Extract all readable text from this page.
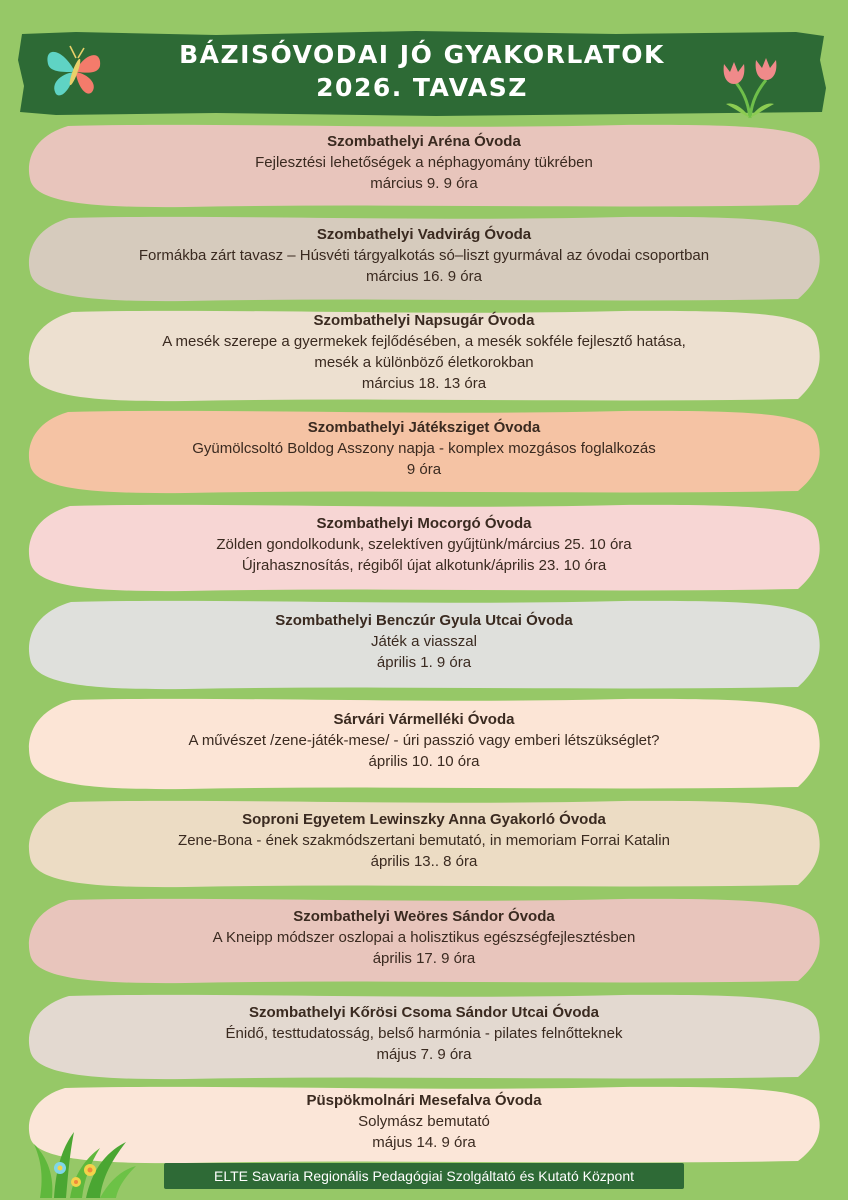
BÁZISÓVODAI JÓ GYAKORLATOK
2026. TAVASZ
Szombathelyi Aréna Óvoda
Fejlesztési lehetőségek a néphagyomány tükrében
március 9. 9 óra
Szombathelyi Vadvirág Óvoda
Formákba zárt tavasz – Húsvéti tárgyalkotás só–liszt gyurmával az óvodai csoportban
március 16. 9 óra
Szombathelyi Napsugár Óvoda
A mesék szerepe a gyermekek fejlődésében, a mesék sokféle fejlesztő hatása,
mesék a különböző életkorokban
március 18. 13 óra
Szombathelyi Játéksziget Óvoda
Gyümölcsoltó Boldog Asszony napja - komplex mozgásos foglalkozás
9 óra
Szombathelyi Mocorgó Óvoda
Zölden gondolkodunk, szelektíven gyűjtünk/március 25. 10 óra
Újrahasznosítás, régiből újat alkotunk/április 23. 10 óra
Szombathelyi Benczúr Gyula Utcai Óvoda
Játék a viasszal
április 1. 9 óra
Sárvári Vármelléki Óvoda
A művészet /zene-játék-mese/ - úri passzió vagy emberi létszükséglet?
április 10. 10 óra
Soproni Egyetem Lewinszky Anna Gyakorló Óvoda
Zene-Bona - ének szakmódszertani bemutató, in memoriam Forrai Katalin
április 13.. 8 óra
Szombathelyi Weöres Sándor Óvoda
A Kneipp módszer oszlopai a holisztikus egészségfejlesztésben
április 17. 9 óra
Szombathelyi Kőrösi Csoma Sándor Utcai Óvoda
Énidő, testtudatosság, belső harmónia - pilates felnőtteknek
május 7. 9 óra
Püspökmolnári Mesefalva Óvoda
Solymász bemutató
május 14. 9 óra
ELTE Savaria Regionális Pedagógiai Szolgáltató és Kutató Központ
